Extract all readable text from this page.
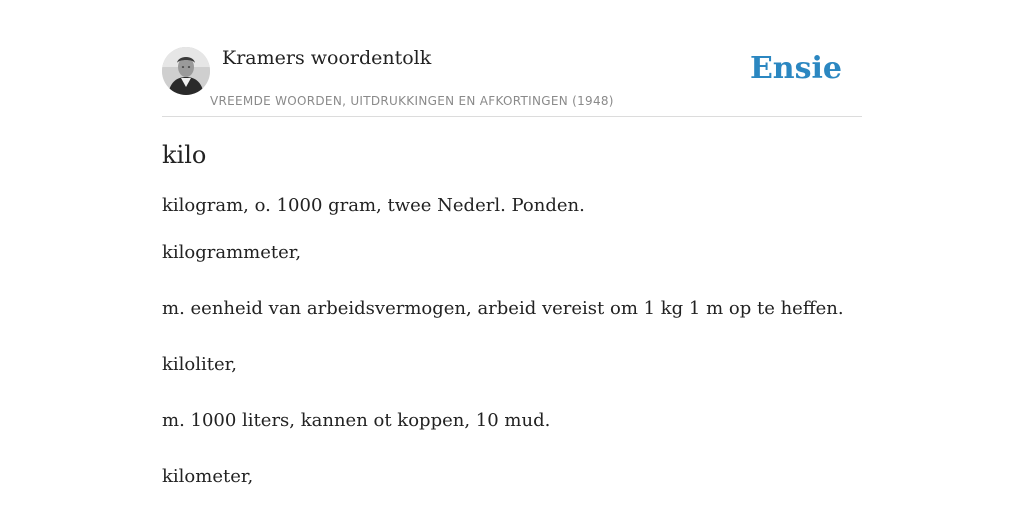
Kramers woordentolk
VREEMDE WOORDEN, UITDRUKKINGEN EN AFKORTINGEN (1948)
Ensie
kilo
kilogram, o. 1000 gram, twee Nederl. Ponden.
kilogrammeter,
m. eenheid van arbeidsvermogen, arbeid vereist om 1 kg 1 m op te heffen.
kiloliter,
m. 1000 liters, kannen ot koppen, 10 mud.
kilometer,
